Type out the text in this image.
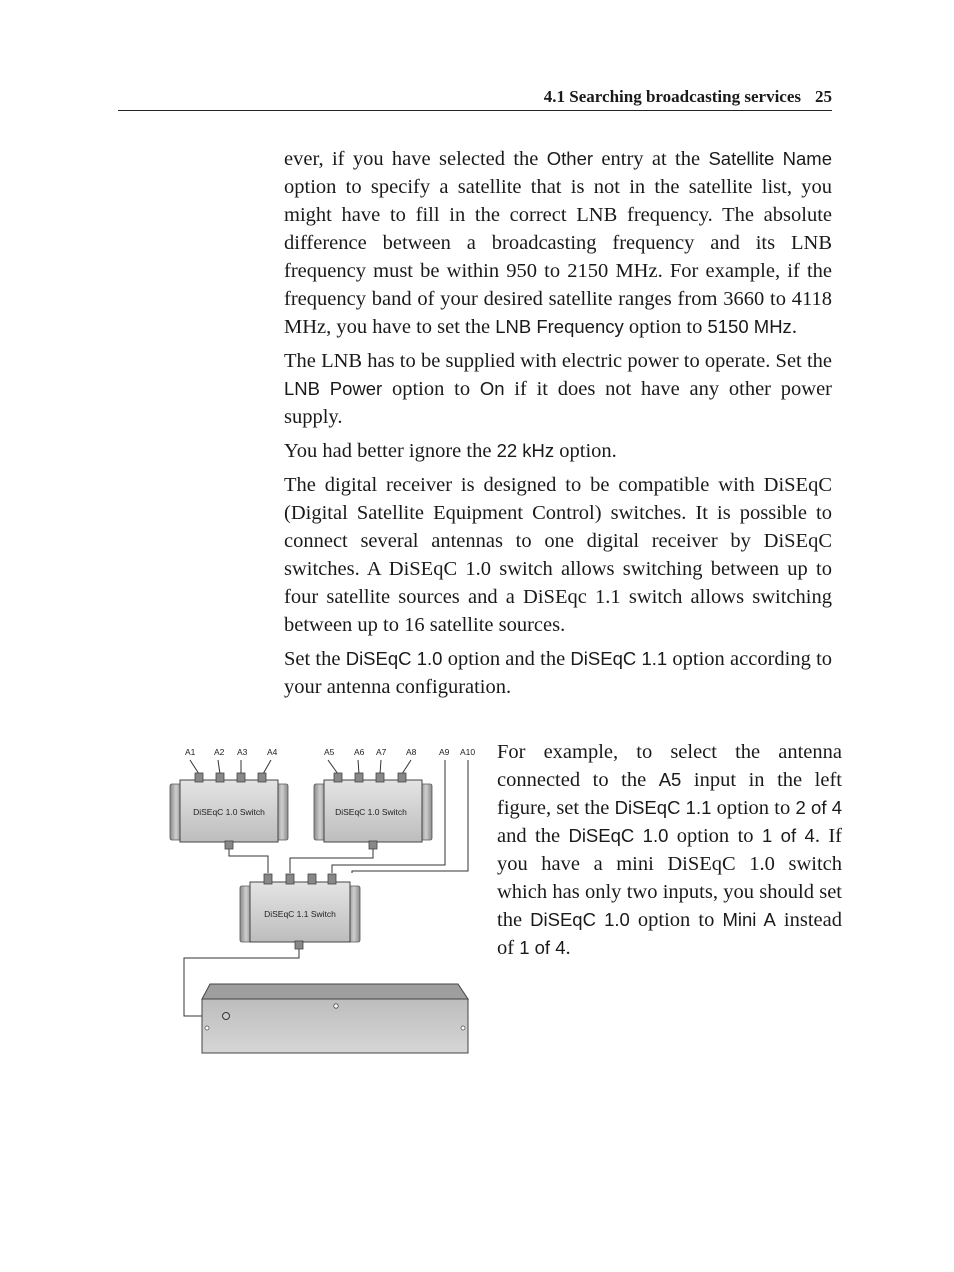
4.1 Searching broadcasting services 25

ever, if you have selected the Other entry at the Satellite Name option to specify a satellite that is not in the satellite list, you might have to fill in the correct LNB frequency. The absolute difference between a broadcasting frequency and its LNB frequency must be within 950 to 2150 MHz. For example, if the frequency band of your desired satellite ranges from 3660 to 4118 MHz, you have to set the LNB Frequency option to 5150 MHz.

The LNB has to be supplied with electric power to operate. Set the LNB Power option to On if it does not have any other power supply.

You had better ignore the 22 kHz option.

The digital receiver is designed to be compatible with DiSEqC (Digital Satellite Equipment Control) switches. It is possible to connect several antennas to one digital receiver by DiSEqC switches. A DiSEqC 1.0 switch allows switching between up to four satellite sources and a DiSEqc 1.1 switch allows switching between up to 16 satellite sources.

Set the DiSEqC 1.0 option and the DiSEqC 1.1 option according to your antenna configuration.

For example, to select the antenna connected to the A5 input in the left figure, set the DiSEqC 1.1 option to 2 of 4 and the DiSEqC 1.0 option to 1 of 4. If you have a mini DiSEqC 1.0 switch which has only two inputs, you should set the DiSEqC 1.0 option to Mini A instead of 1 of 4.

A1 A2 A3 A4	A5 A6 A7 A8	A9 A10
DiSEqC 1.0 Switch	DiSEqC 1.0 Switch
DiSEqC 1.1 Switch
